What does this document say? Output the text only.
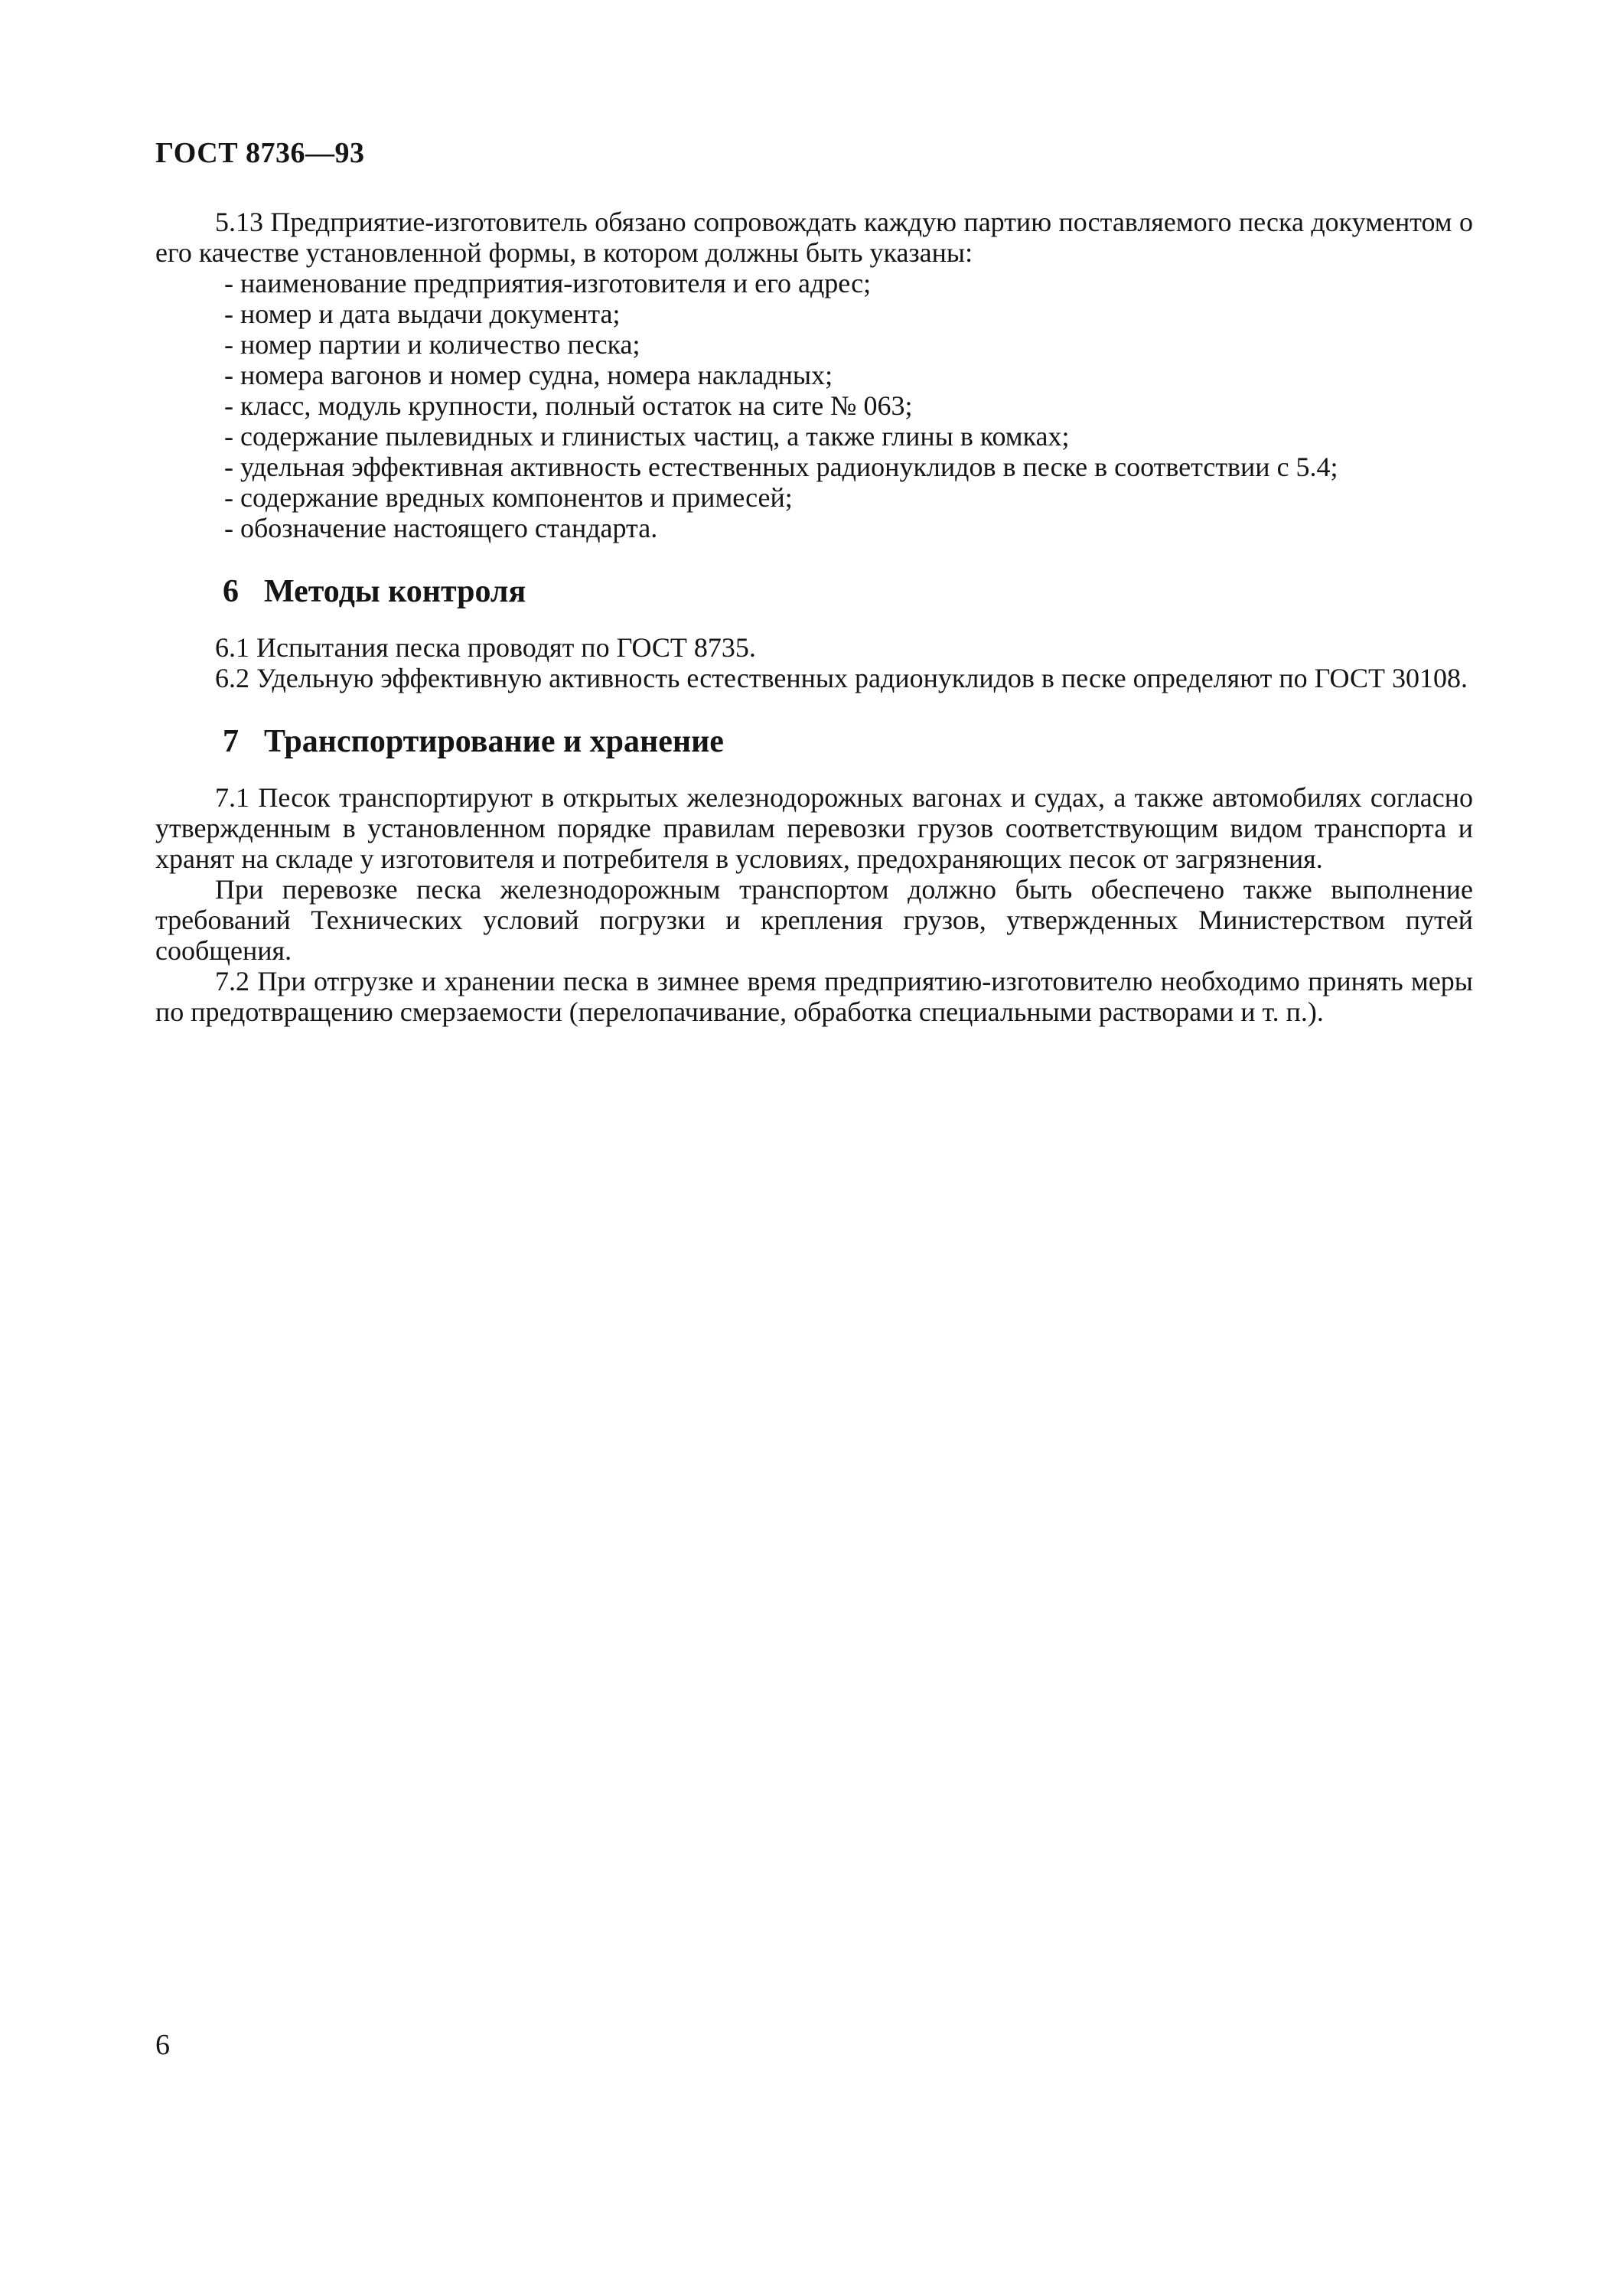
ГОСТ 8736—93

5.13 Предприятие-изготовитель обязано сопровождать каждую партию поставляемого песка документом о его качестве установленной формы, в котором должны быть указаны:

- наименование предприятия-изготовителя и его адрес;
- номер и дата выдачи документа;
- номер партии и количество песка;
- номера вагонов и номер судна, номера накладных;
- класс, модуль крупности, полный остаток на сите № 063;
- содержание пылевидных и глинистых частиц, а также глины в комках;
- удельная эффективная активность естественных радионуклидов в песке в соответствии с 5.4;
- содержание вредных компонентов и примесей;
- обозначение настоящего стандарта.
6 Методы контроля

6.1 Испытания песка проводят по ГОСТ 8735.

6.2 Удельную эффективную активность естественных радионуклидов в песке определяют по ГОСТ 30108.

7 Транспортирование и хранение

7.1 Песок транспортируют в открытых железнодорожных вагонах и судах, а также автомобилях согласно утвержденным в установленном порядке правилам перевозки грузов соответствующим видом транспорта и хранят на складе у изготовителя и потребителя в условиях, предохраняющих песок от загрязнения.

При перевозке песка железнодорожным транспортом должно быть обеспечено также выполнение требований Технических условий погрузки и крепления грузов, утвержденных Министерством путей сообщения.

7.2 При отгрузке и хранении песка в зимнее время предприятию-изготовителю необходимо принять меры по предотвращению смерзаемости (перелопачивание, обработка специальными растворами и т. п.).

6
